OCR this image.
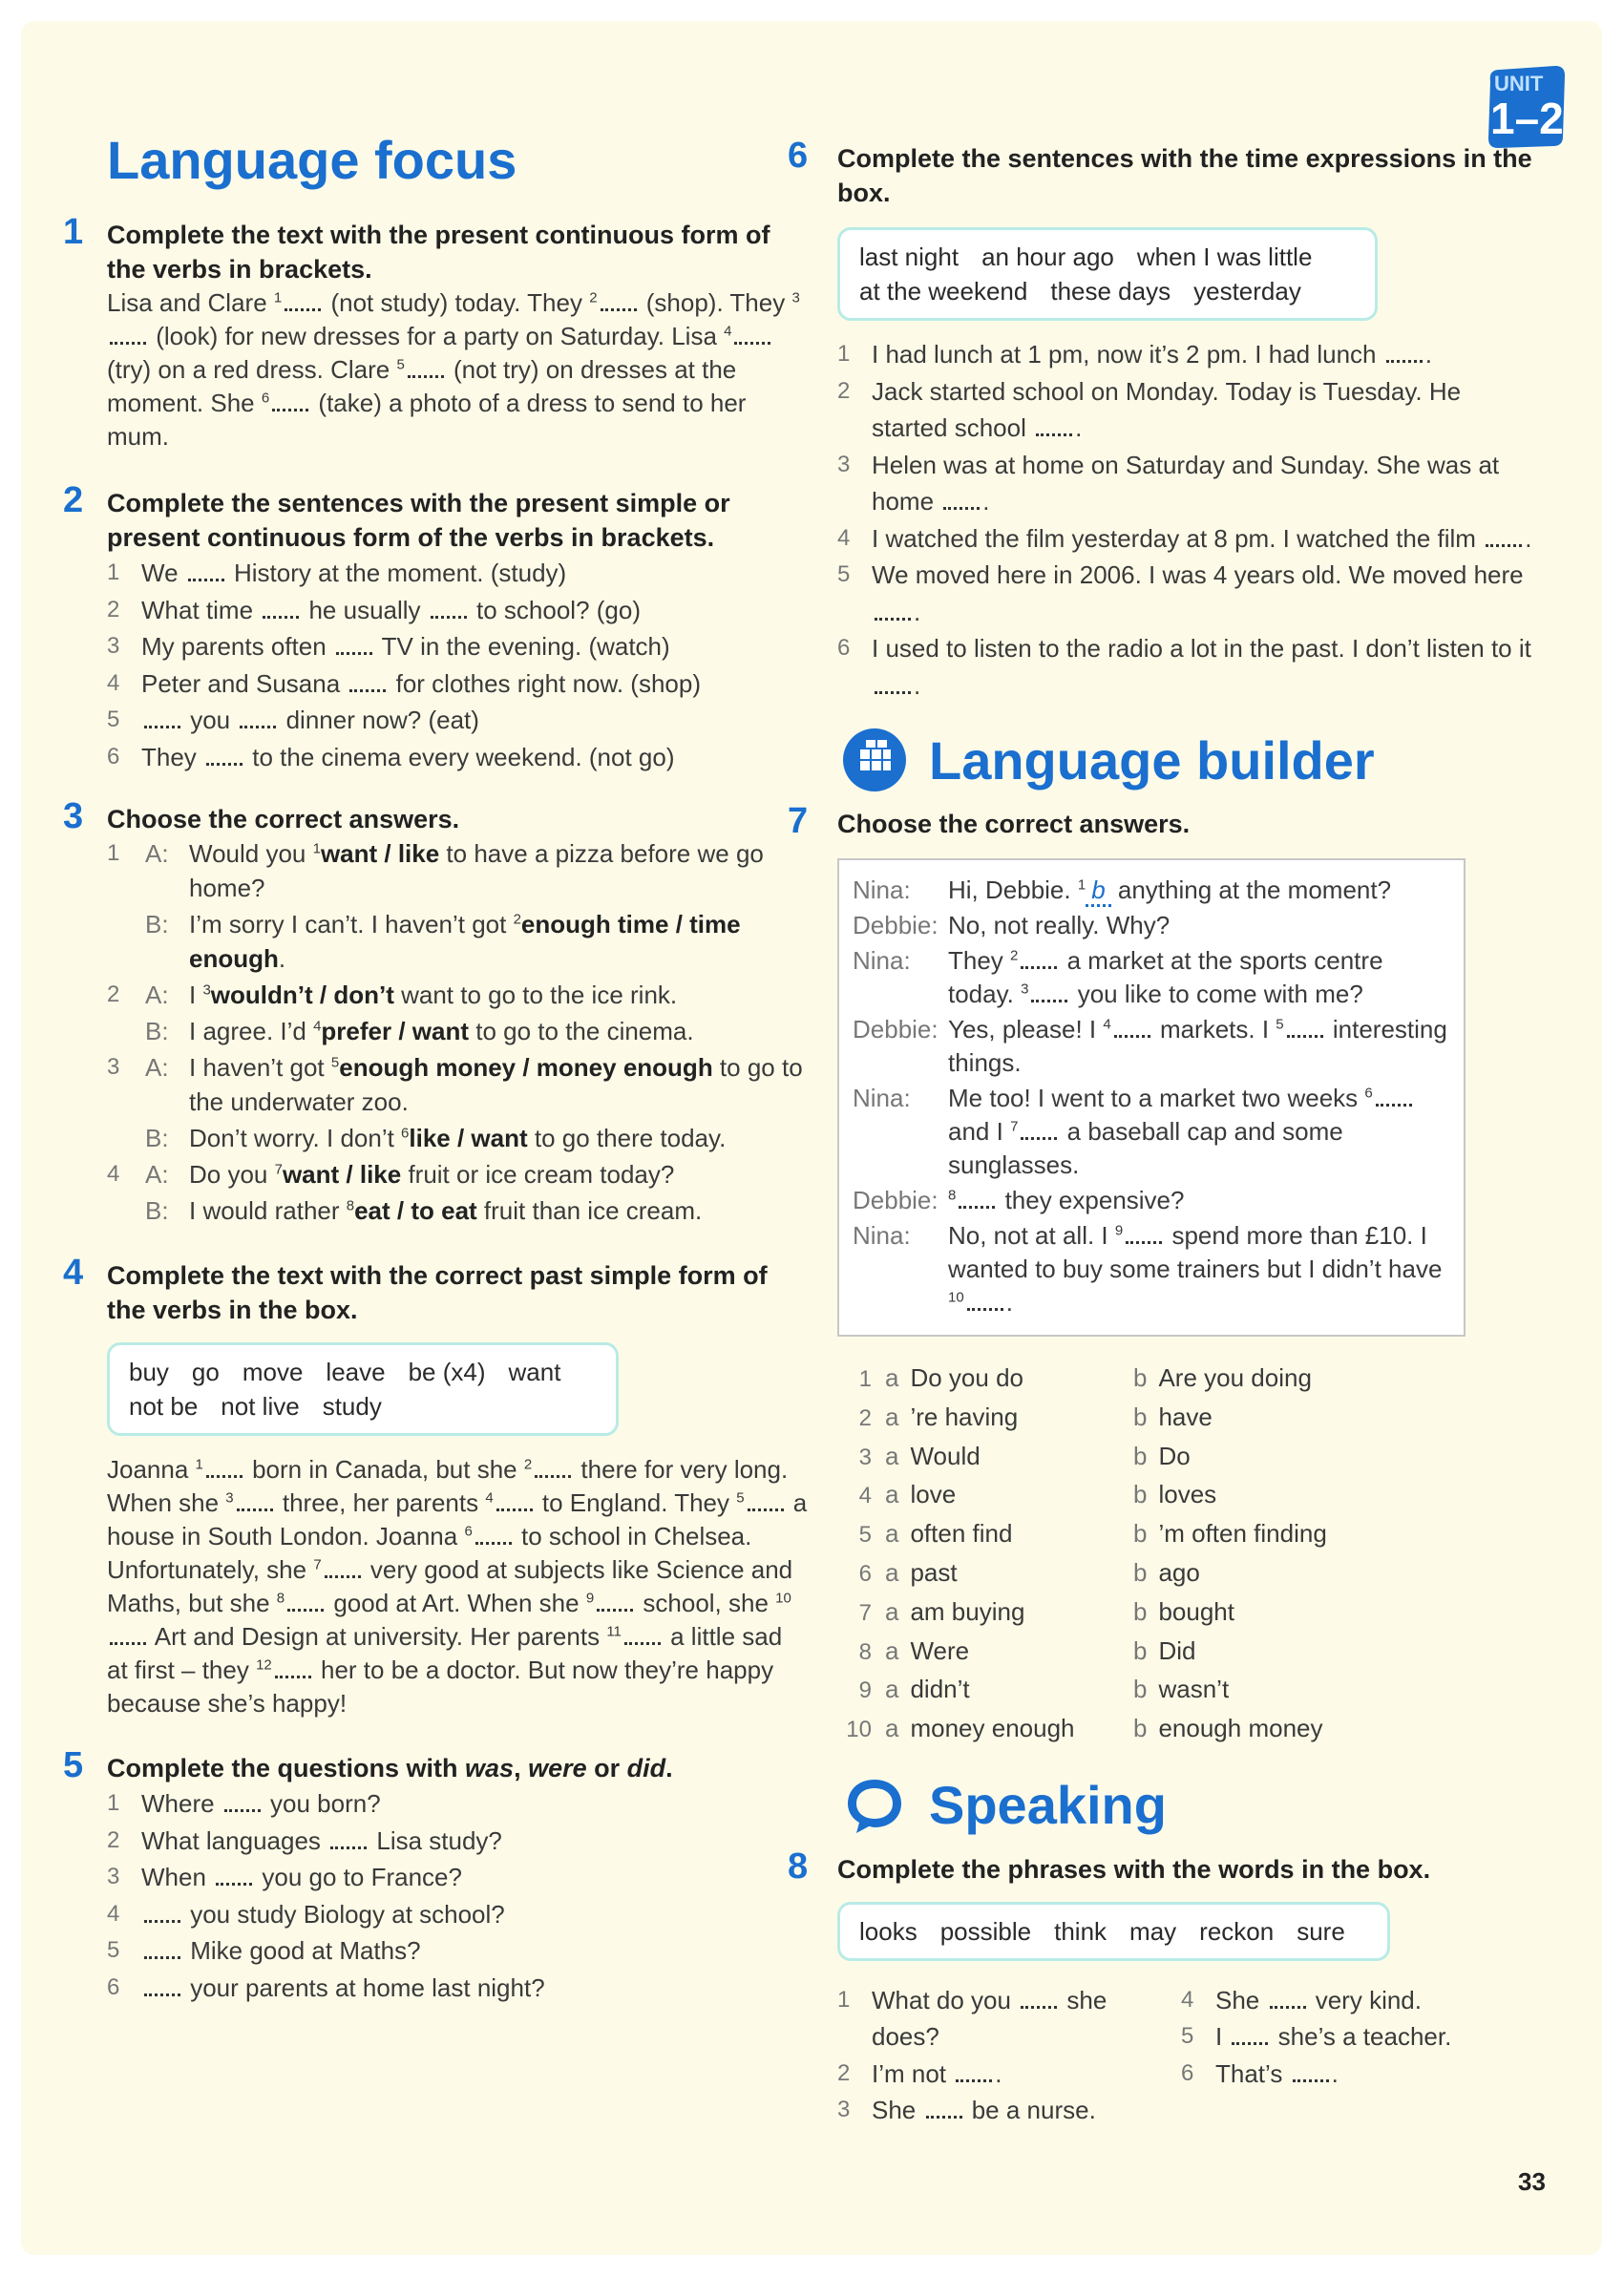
UNIT
1–2
Language focus
1 Complete the text with the present continuous form of the verbs in brackets.
Lisa and Clare $^1$ (not study) today. They $^2$ (shop). They $^3$ (look) for new dresses for a party on Saturday. Lisa $^4$ (try) on a red dress. Clare $^5$ (not try) on dresses at the moment. She $^6$ (take) a photo of a dress to send to her mum.
2 Complete the sentences with the present simple or present continuous form of the verbs in brackets.
1 We  History at the moment. (study)
2 What time  he usually  to school? (go)
3 My parents often  TV in the evening. (watch)
4 Peter and Susana  for clothes right now. (shop)
5	you  dinner now? (eat)
6 They  to the cinema every weekend. (not go)
3 Choose the correct answers.
1 A: Would you $^1$want / like to have a pizza before we go home?
B: I’m sorry I can’t. I haven’t got $^2$enough time / time enough.
2 A: I $^3$wouldn’t / don’t want to go to the ice rink.
B: I agree. I’d $^4$prefer / want to go to the cinema.
3 A: I haven’t got $^5$enough money / money enough to go to the underwater zoo.
B: Don’t worry. I don’t $^6$like / want to go there today.
4 A: Do you $^7$want / like fruit or ice cream today?
B: I would rather $^8$eat / to eat fruit than ice cream.
4 Complete the text with the correct past simple form of the verbs in the box.
buy go move leave be (x4) want
not be not live study
Joanna $^1$ born in Canada, but she $^2$ there for very long. When she $^3$ three, her parents $^4$ to England. They $^5$ a house in South London. Joanna $^6$ to school in Chelsea. Unfortunately, she $^7$ very good at subjects like Science and Maths, but she $^8$ good at Art. When she $^9$ school, she $^{10}$ Art and Design at university. Her parents $^{11}$ a little sad at first – they $^{12}$ her to be a doctor. But now they’re happy because she’s happy!
5 Complete the questions with was, were or did.
1 Where  you born?
2 What languages  Lisa study?
3 When  you go to France?
4	you study Biology at school?
5	Mike good at Maths?
6	your parents at home last night?
6 Complete the sentences with the time expressions in the box.
last night an hour ago when I was little
at the weekend these days yesterday
1 I had lunch at 1 pm, now it’s 2 pm. I had lunch .
2 Jack started school on Monday. Today is Tuesday. He started school .
3 Helen was at home on Saturday and Sunday. She was at home .
4 I watched the film yesterday at 8 pm. I watched the film .
5 We moved here in 2006. I was 4 years old. We moved here .
6 I used to listen to the radio a lot in the past. I don’t listen to it .
Language builder
7 Choose the correct answers.
Nina: Hi, Debbie. $^1$ b anything at the moment?
Debbie: No, not really. Why?
Nina: They $^2$ a market at the sports centre today. $^3$ you like to come with me?
Debbie: Yes, please! I $^4$ markets. I $^5$ interesting things.
Nina: Me too! I went to a market two weeks $^6$ and I $^7$ a baseball cap and some sunglasses.
Debbie: $^8$ they expensive?
Nina: No, not at all. I $^9$ spend more than £10. I wanted to buy some trainers but I didn’t have $^{10}$ .
1 a Do you do	b Are you doing
2 a ’re having	b have
3 a Would	b Do
4 a love	b loves
5 a often find	b ’m often finding
6 a past	b ago
7 a am buying	b bought
8 a Were	b Did
9 a didn’t	b wasn’t
10 a money enough	b enough money
Speaking
8 Complete the phrases with the words in the box.
looks possible think may reckon sure
1 What do you  she does?
2 I’m not .
3 She  be a nurse.
4 She  very kind.
5 I  she’s a teacher.
6 That’s .
33
